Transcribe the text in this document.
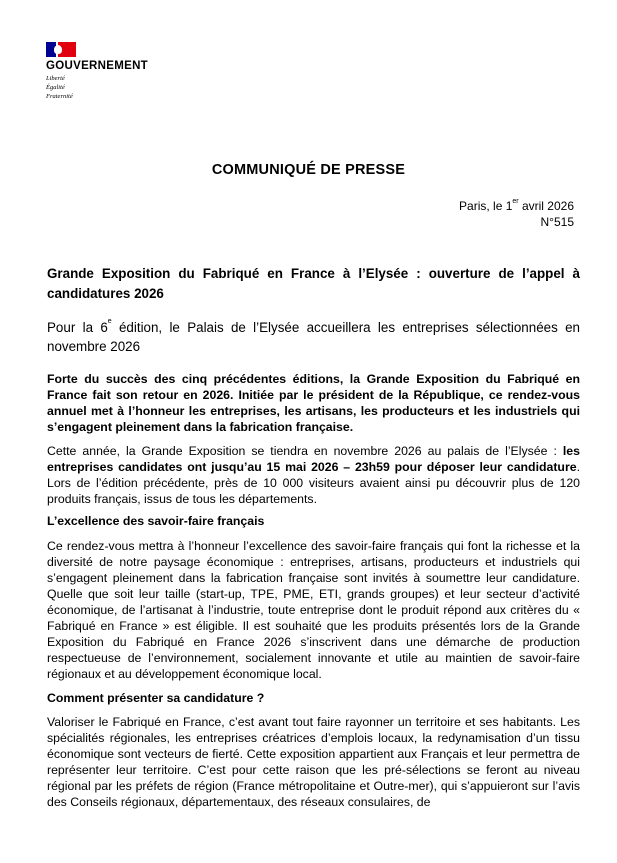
GOUVERNEMENT
Liberté
Égalité
Fraternité
COMMUNIQUÉ DE PRESSE
Paris, le 1er avril 2026
N°515
Grande Exposition du Fabriqué en France à l’Elysée : ouverture de l’appel à candidatures 2026
Pour la 6e édition, le Palais de l’Elysée accueillera les entreprises sélectionnées en novembre 2026
Forte du succès des cinq précédentes éditions, la Grande Exposition du Fabriqué en France fait son retour en 2026. Initiée par le président de la République, ce rendez-vous annuel met à l’honneur les entreprises, les artisans, les producteurs et les industriels qui s’engagent pleinement dans la fabrication française.
Cette année, la Grande Exposition se tiendra en novembre 2026 au palais de l’Elysée : les entreprises candidates ont jusqu’au 15 mai 2026 – 23h59 pour déposer leur candidature. Lors de l’édition précédente, près de 10 000 visiteurs avaient ainsi pu découvrir plus de 120 produits français, issus de tous les départements.
L’excellence des savoir-faire français
Ce rendez-vous mettra à l’honneur l’excellence des savoir-faire français qui font la richesse et la diversité de notre paysage économique : entreprises, artisans, producteurs et industriels qui s’engagent pleinement dans la fabrication française sont invités à soumettre leur candidature. Quelle que soit leur taille (start-up, TPE, PME, ETI, grands groupes) et leur secteur d’activité économique, de l’artisanat à l’industrie, toute entreprise dont le produit répond aux critères du « Fabriqué en France » est éligible. Il est souhaité que les produits présentés lors de la Grande Exposition du Fabriqué en France 2026 s’inscrivent dans une démarche de production respectueuse de l’environnement, socialement innovante et utile au maintien de savoir-faire régionaux et au développement économique local.
Comment présenter sa candidature ?
Valoriser le Fabriqué en France, c’est avant tout faire rayonner un territoire et ses habitants. Les spécialités régionales, les entreprises créatrices d’emplois locaux, la redynamisation d’un tissu économique sont vecteurs de fierté. Cette exposition appartient aux Français et leur permettra de représenter leur territoire. C’est pour cette raison que les pré-sélections se feront au niveau régional par les préfets de région (France métropolitaine et Outre-mer), qui s’appuieront sur l’avis des Conseils régionaux, départementaux, des réseaux consulaires, de
